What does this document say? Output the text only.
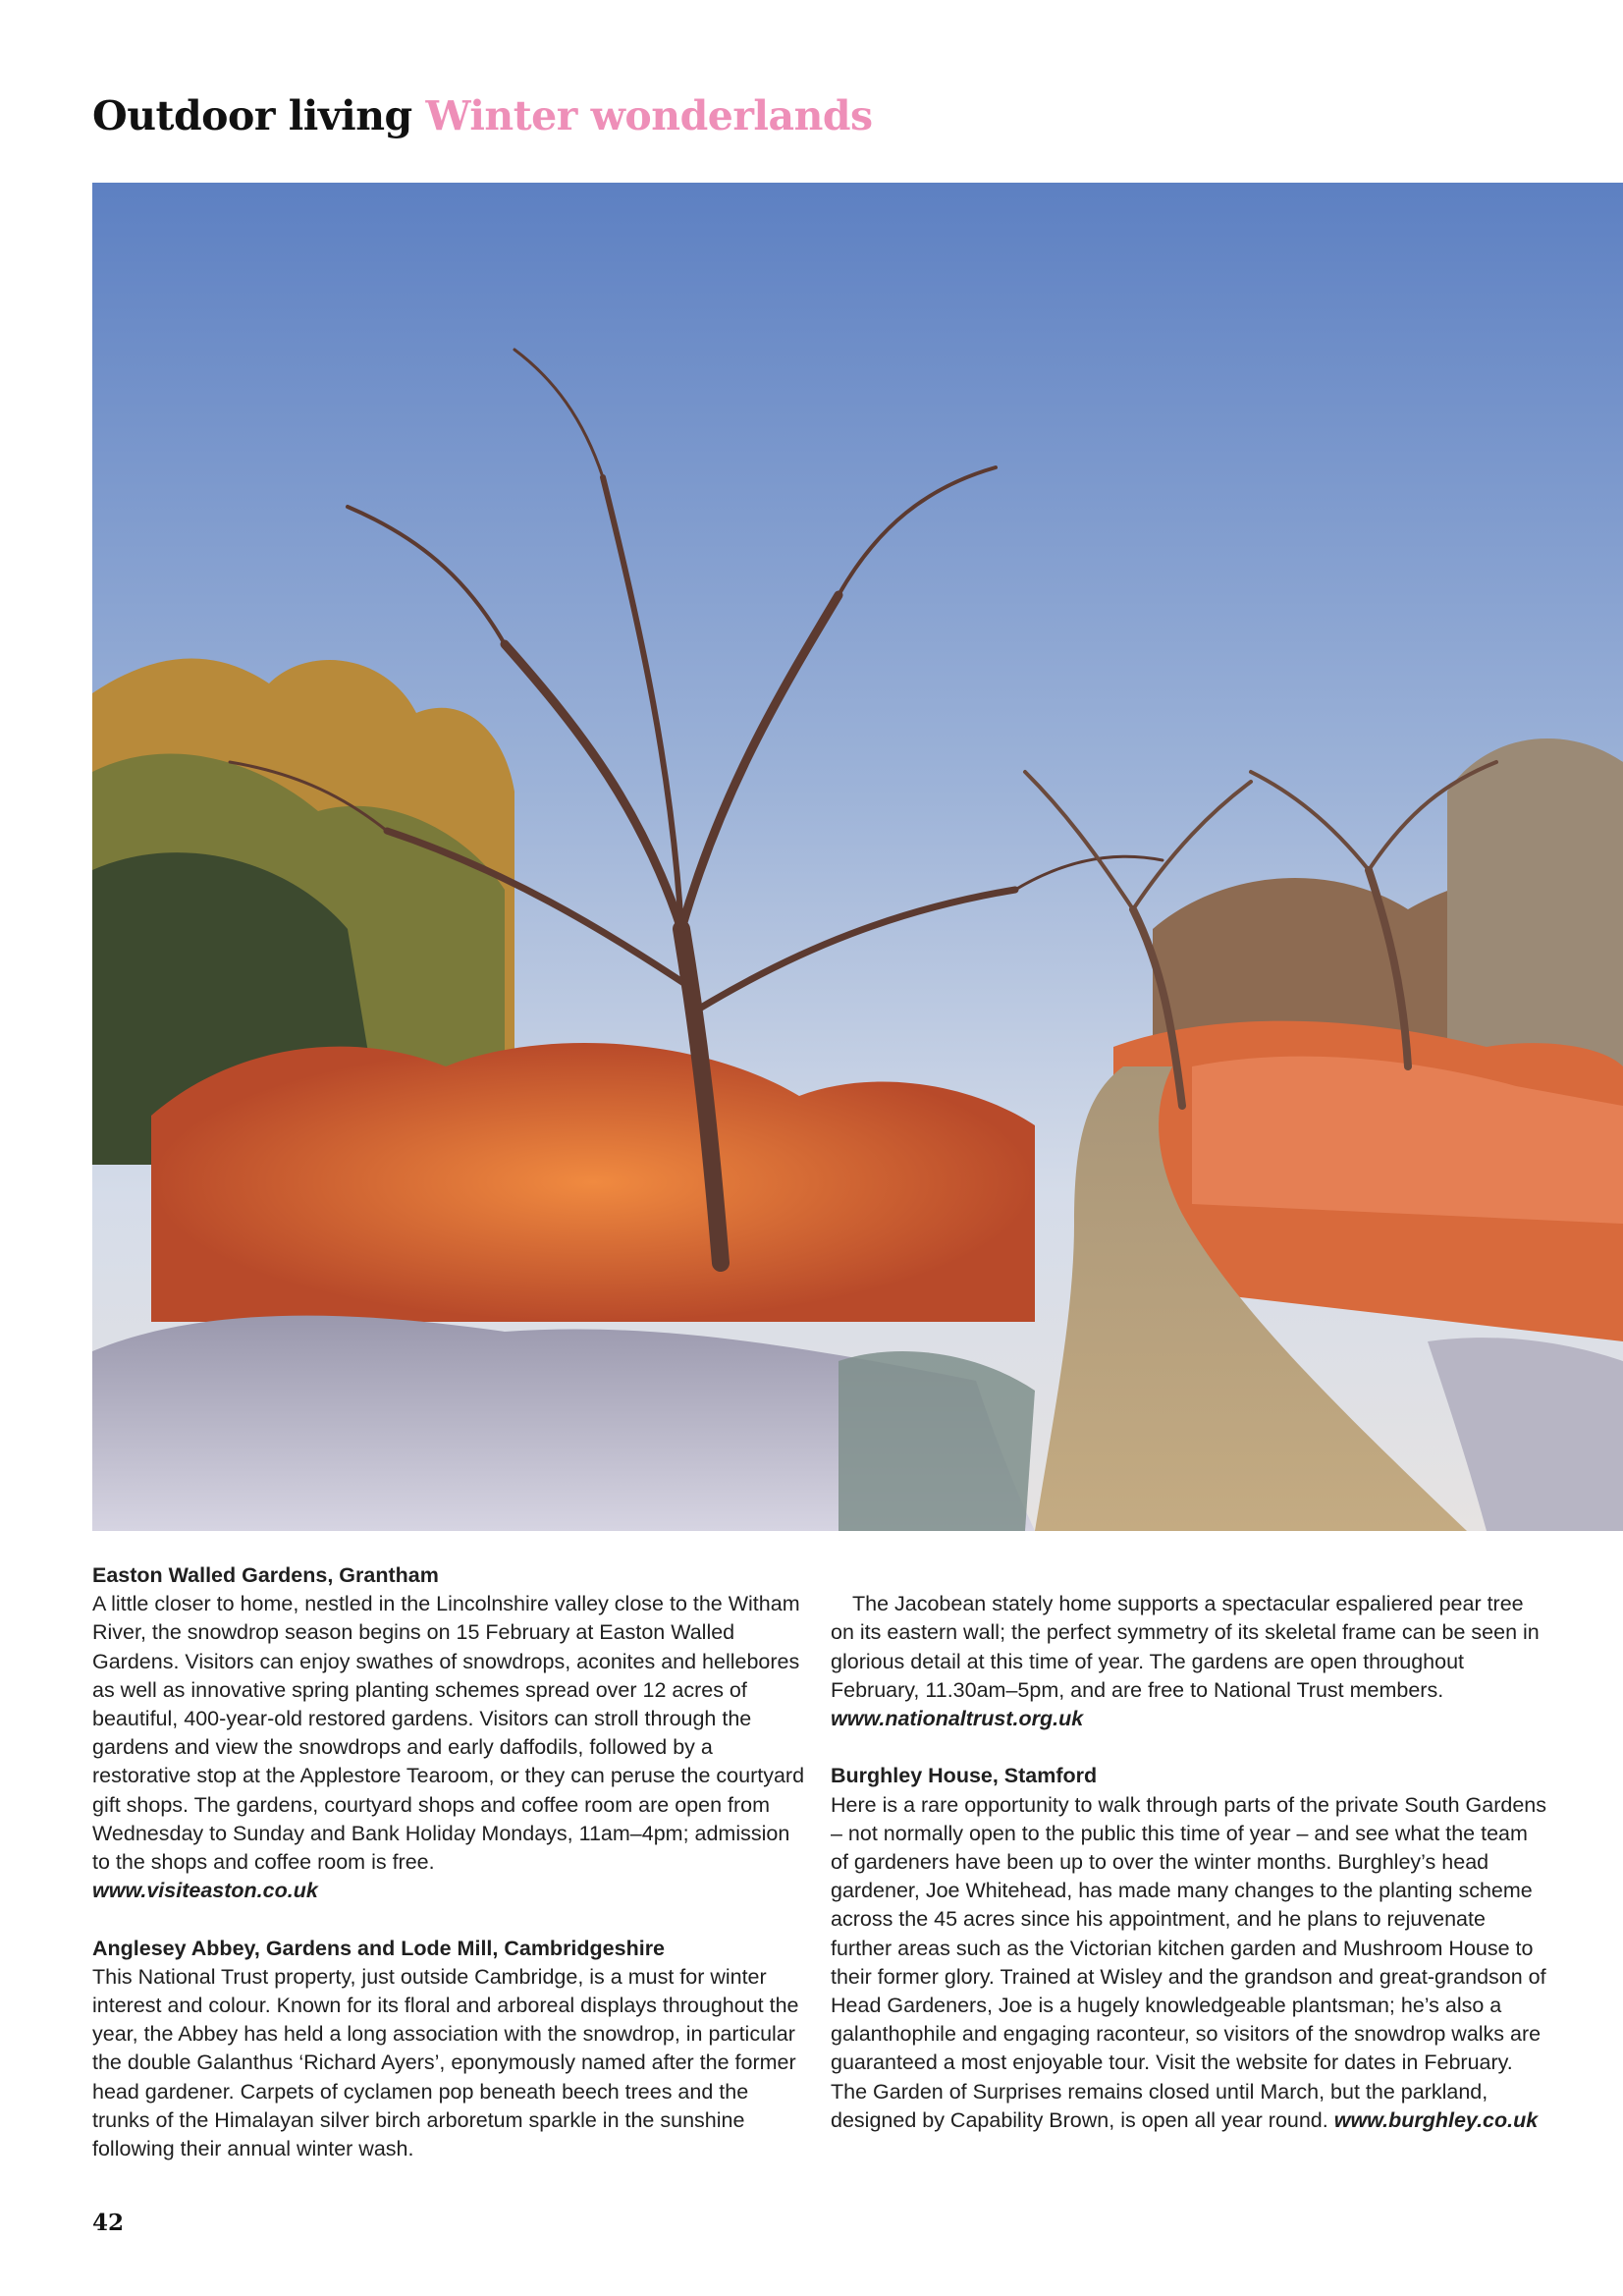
Outdoor living Winter wonderlands
Easton Walled Gardens, Grantham

A little closer to home, nestled in the Lincolnshire valley close to the Witham River, the snowdrop season begins on 15 February at Easton Walled Gardens. Visitors can enjoy swathes of snowdrops, aconites and hellebores as well as innovative spring planting schemes spread over 12 acres of beautiful, 400-year-old restored gardens. Visitors can stroll through the gardens and view the snowdrops and early daffodils, followed by a restorative stop at the Applestore Tearoom, or they can peruse the courtyard gift shops. The gardens, courtyard shops and coffee room are open from Wednesday to Sunday and Bank Holiday Mondays, 11am–4pm; admission to the shops and coffee room is free.

www.visiteaston.co.uk

Anglesey Abbey, Gardens and Lode Mill, Cambridgeshire

This National Trust property, just outside Cambridge, is a must for winter interest and colour. Known for its floral and arboreal displays throughout the year, the Abbey has held a long association with the snowdrop, in particular the double Galanthus ‘Richard Ayers’, eponymously named after the former head gardener. Carpets of cyclamen pop beneath beech trees and the trunks of the Himalayan silver birch arboretum sparkle in the sunshine following their annual winter wash.

The Jacobean stately home supports a spectacular espaliered pear tree on its eastern wall; the perfect symmetry of its skeletal frame can be seen in glorious detail at this time of year. The gardens are open throughout February, 11.30am–5pm, and are free to National Trust members.

www.nationaltrust.org.uk

Burghley House, Stamford

Here is a rare opportunity to walk through parts of the private South Gardens – not normally open to the public this time of year – and see what the team of gardeners have been up to over the winter months. Burghley’s head gardener, Joe Whitehead, has made many changes to the planting scheme across the 45 acres since his appointment, and he plans to rejuvenate further areas such as the Victorian kitchen garden and Mushroom House to their former glory. Trained at Wisley and the grandson and great-grandson of Head Gardeners, Joe is a hugely knowledgeable plantsman; he’s also a galanthophile and engaging raconteur, so visitors of the snowdrop walks are guaranteed a most enjoyable tour. Visit the website for dates in February. The Garden of Surprises remains closed until March, but the parkland, designed by Capability Brown, is open all year round. www.burghley.co.uk

42
